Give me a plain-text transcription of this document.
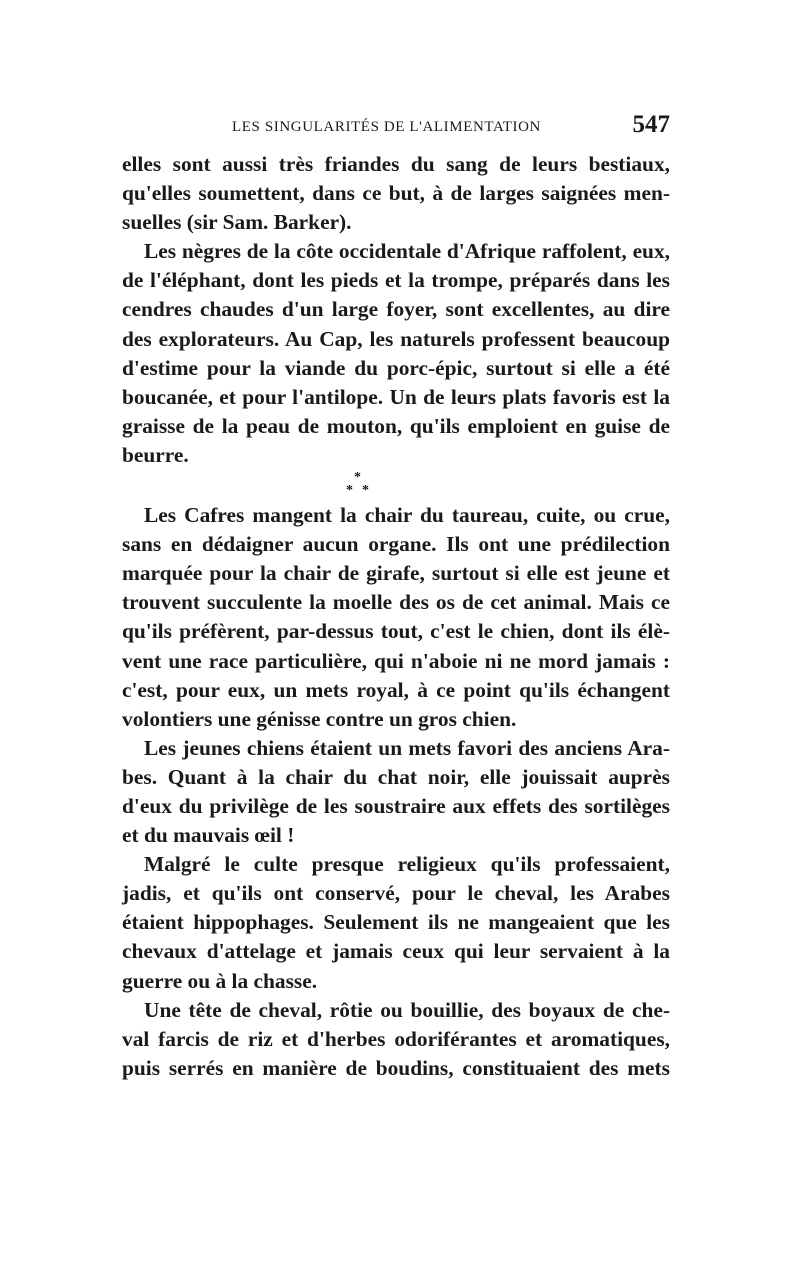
LES SINGULARITÉS DE L'ALIMENTATION	547
elles sont aussi très friandes du sang de leurs bestiaux,
qu'elles soumettent, dans ce but, à de larges saignées men-
suelles (sir Sam. Barker).
Les nègres de la côte occidentale d'Afrique raffolent, eux,
de l'éléphant, dont les pieds et la trompe, préparés dans les
cendres chaudes d'un large foyer, sont excellentes, au dire
des explorateurs. Au Cap, les naturels professent beaucoup
d'estime pour la viande du porc-épic, surtout si elle a été
boucanée, et pour l'antilope. Un de leurs plats favoris est la
graisse de la peau de mouton, qu'ils emploient en guise de
beurre.
*
* *
Les Cafres mangent la chair du taureau, cuite, ou crue,
sans en dédaigner aucun organe. Ils ont une prédilection
marquée pour la chair de girafe, surtout si elle est jeune et
trouvent succulente la moelle des os de cet animal. Mais ce
qu'ils préfèrent, par-dessus tout, c'est le chien, dont ils élè-
vent une race particulière, qui n'aboie ni ne mord jamais :
c'est, pour eux, un mets royal, à ce point qu'ils échangent
volontiers une génisse contre un gros chien.
Les jeunes chiens étaient un mets favori des anciens Ara-
bes. Quant à la chair du chat noir, elle jouissait auprès
d'eux du privilège de les soustraire aux effets des sortilèges
et du mauvais œil !
Malgré le culte presque religieux qu'ils professaient,
jadis, et qu'ils ont conservé, pour le cheval, les Arabes
étaient hippophages. Seulement ils ne mangeaient que les
chevaux d'attelage et jamais ceux qui leur servaient à la
guerre ou à la chasse.
Une tête de cheval, rôtie ou bouillie, des boyaux de che-
val farcis de riz et d'herbes odoriférantes et aromatiques,
puis serrés en manière de boudins, constituaient des mets
